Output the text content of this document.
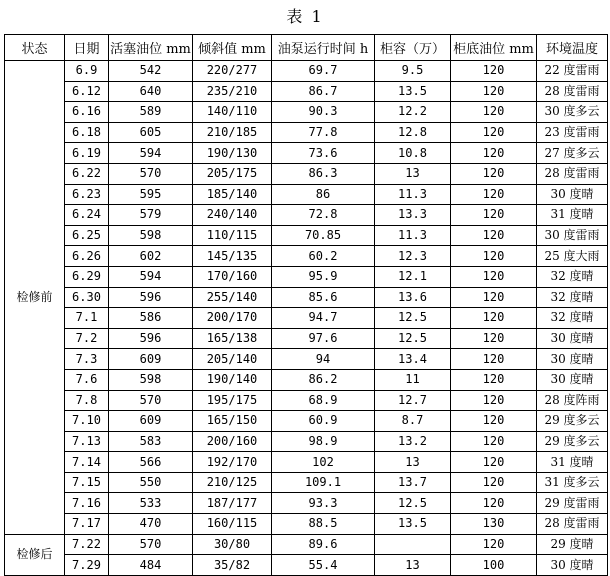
表 1
状态	日期	活塞油位 mm	倾斜值 mm	油泵运行时间 h	柜容（万）	柜底油位 mm	环境温度
检修前	6.9	542	220/277	69.7	9.5	120	22 度雷雨
	6.12	640	235/210	86.7	13.5	120	28 度雷雨
	6.16	589	140/110	90.3	12.2	120	30 度多云
	6.18	605	210/185	77.8	12.8	120	23 度雷雨
	6.19	594	190/130	73.6	10.8	120	27 度多云
	6.22	570	205/175	86.3	13	120	28 度雷雨
	6.23	595	185/140	86	11.3	120	30 度晴
	6.24	579	240/140	72.8	13.3	120	31 度晴
	6.25	598	110/115	70.85	11.3	120	30 度雷雨
	6.26	602	145/135	60.2	12.3	120	25 度大雨
	6.29	594	170/160	95.9	12.1	120	32 度晴
	6.30	596	255/140	85.6	13.6	120	32 度晴
	7.1	586	200/170	94.7	12.5	120	32 度晴
	7.2	596	165/138	97.6	12.5	120	30 度晴
	7.3	609	205/140	94	13.4	120	30 度晴
	7.6	598	190/140	86.2	11	120	30 度晴
	7.8	570	195/175	68.9	12.7	120	28 度阵雨
	7.10	609	165/150	60.9	8.7	120	29 度多云
	7.13	583	200/160	98.9	13.2	120	29 度多云
	7.14	566	192/170	102	13	120	31 度晴
	7.15	550	210/125	109.1	13.7	120	31 度多云
	7.16	533	187/177	93.3	12.5	120	29 度雷雨
	7.17	470	160/115	88.5	13.5	130	28 度雷雨
检修后	7.22	570	30/80	89.6		120	29 度晴
	7.29	484	35/82	55.4	13	100	30 度晴
